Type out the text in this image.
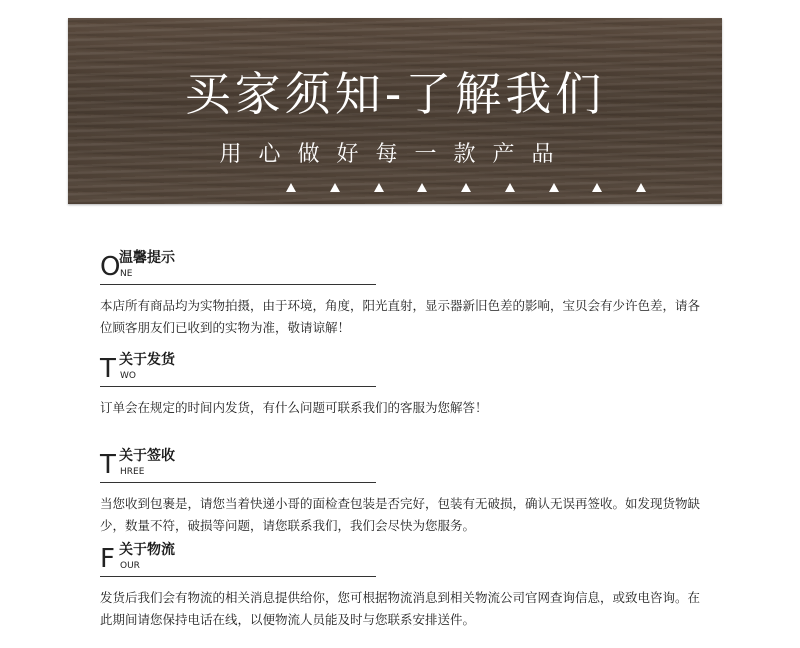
买家须知-了解我们
用心做好每一款产品
O
温馨提示
NE
本店所有商品均为实物拍摄，由于环境，角度，阳光直射，显示器新旧色差的影响，宝贝会有少许色差，请各位顾客朋友们已收到的实物为准，敬请谅解！
T 关于发货
WO
订单会在规定的时间内发货，有什么问题可联系我们的客服为您解答！
T 关于签收
HREE
当您收到包裹是，请您当着快递小哥的面检查包装是否完好，包装有无破损，确认无误再签收。如发现货物缺少，数量不符，破损等问题，请您联系我们，我们会尽快为您服务。
F 关于物流
OUR
发货后我们会有物流的相关消息提供给你，您可根据物流消息到相关物流公司官网查询信息，或致电咨询。在此期间请您保持电话在线，以便物流人员能及时与您联系安排送件。
